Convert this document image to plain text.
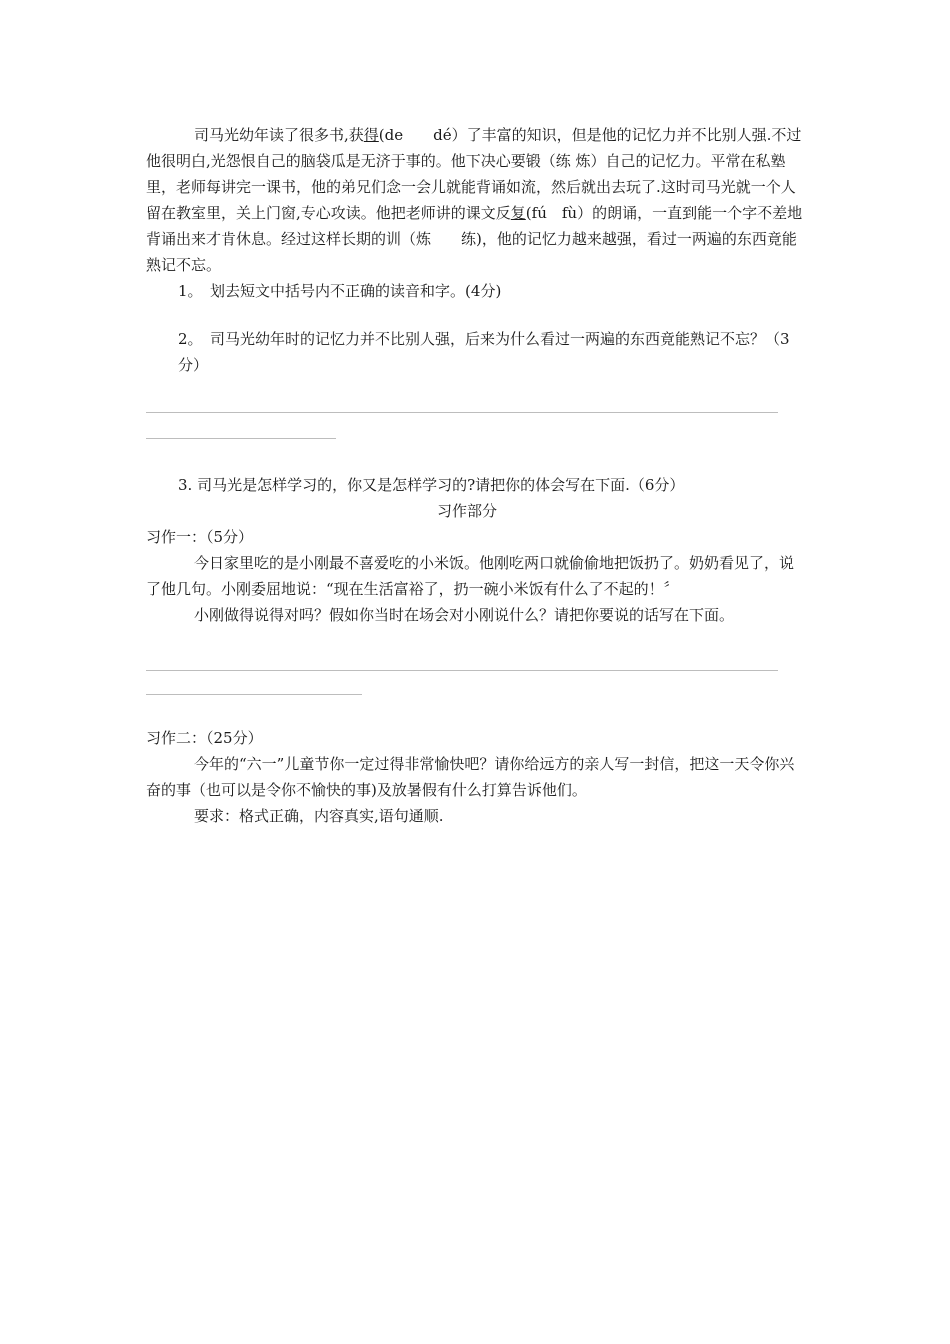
司马光幼年读了很多书,获得(de　　dé）了丰富的知识，但是他的记忆力并不比别人强.不过他很明白,光怨恨自己的脑袋瓜是无济于事的。他下决心要锻（练 炼）自己的记忆力。平常在私塾里，老师每讲完一课书，他的弟兄们念一会儿就能背诵如流，然后就出去玩了.这时司马光就一个人留在教室里，关上门窗,专心攻读。他把老师讲的课文反复(fú　fù）的朗诵，一直到能一个字不差地背诵出来才肯休息。经过这样长期的训（炼　　练)，他的记忆力越来越强，看过一两遍的东西竟能熟记不忘。

1。　划去短文中括号内不正确的读音和字。(4分)

2。　司马光幼年时的记忆力并不比别人强，后来为什么看过一两遍的东西竟能熟记不忘？（3分）

3. 司马光是怎样学习的，你又是怎样学习的?请把你的体会写在下面.（6分）

习作部分

习作一：（5分）

今日家里吃的是小刚最不喜爱吃的小米饭。他刚吃两口就偷偷地把饭扔了。奶奶看见了，说了他几句。小刚委屈地说：“现在生活富裕了，扔一碗小米饭有什么了不起的！〞

小刚做得说得对吗？假如你当时在场会对小刚说什么？请把你要说的话写在下面。

习作二：（25分）

今年的“六一”儿童节你一定过得非常愉快吧？请你给远方的亲人写一封信，把这一天令你兴奋的事（也可以是令你不愉快的事)及放暑假有什么打算告诉他们。

要求：格式正确，内容真实,语句通顺.
